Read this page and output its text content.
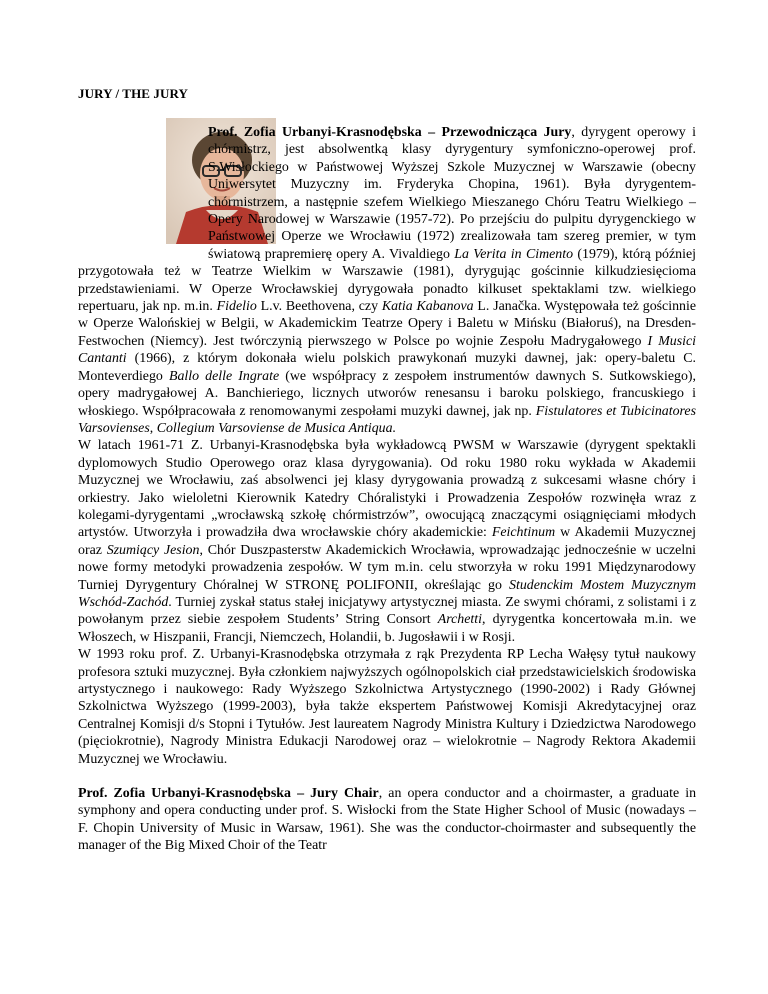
JURY / THE JURY

Prof. Zofia Urbanyi-Krasnodębska – Przewodnicząca Jury, dyrygent operowy i chórmistrz, jest absolwentką klasy dyrygentury symfoniczno-operowej prof. S.Wisłockiego w Państwowej Wyższej Szkole Muzycznej w Warszawie (obecny Uniwersytet Muzyczny im. Fryderyka Chopina, 1961). Była dyrygentem-chórmistrzem, a następnie szefem Wielkiego Mieszanego Chóru Teatru Wielkiego – Opery Narodowej w Warszawie (1957-72). Po przejściu do pulpitu dyrygenckiego w Państwowej Operze we Wrocławiu (1972) zrealizowała tam szereg premier, w tym światową prapremierę opery A. Vivaldiego La Verita in Cimento (1979), którą później przygotowała też w Teatrze Wielkim w Warszawie (1981), dyrygując gościnnie kilkudziesięciomа przedstawieniami. W Operze Wrocławskiej dyrygowała ponadto kilkuset spektaklami tzw. wielkiego repertuaru, jak np. m.in. Fidelio L.v. Beethovena, czy Katia Kabanova L. Janačka. Występowała też gościnnie w Operze Walońskiej w Belgii, w Akademickim Teatrze Opery i Baletu w Mińsku (Białoruś), na Dresden-Festwochen (Niemcy). Jest twórczynią pierwszego w Polsce po wojnie Zespołu Madrygałowego I Musici Cantanti (1966), z którym dokonała wielu polskich prawykonań muzyki dawnej, jak: opery-baletu C. Monteverdiego Ballo delle Ingrate (we współpracy z zespołem instrumentów dawnych S. Sutkowskiego), opery madrygałowej A. Banchieriego, licznych utworów renesansu i baroku polskiego, francuskiego i włoskiego. Współpracowała z renomowanymi zespołami muzyki dawnej, jak np. Fistulatores et Tubicinatores Varsovienses, Collegium Varsoviense de Musica Antiqua.

W latach 1961-71 Z. Urbanyi-Krasnodębska była wykładowcą PWSM w Warszawie (dyrygent spektakli dyplomowych Studio Operowego oraz klasa dyrygowania). Od roku 1980 roku wykłada w Akademii Muzycznej we Wrocławiu, zaś absolwenci jej klasy dyrygowania prowadzą z sukcesami własne chóry i orkiestry. Jako wieloletni Kierownik Katedry Chóralistyki i Prowadzenia Zespołów rozwinęła wraz z kolegami-dyrygentami „wrocławską szkołę chórmistrzów”, owocującą znaczącymi osiągnięciami młodych artystów. Utworzyła i prowadziła dwa wrocławskie chóry akademickie: Feichtinum w Akademii Muzycznej oraz Szumiący Jesion, Chór Duszpasterstw Akademickich Wrocławia, wprowadzając jednocześnie w uczelni nowe formy metodyki prowadzenia zespołów. W tym m.in. celu stworzyła w roku 1991 Międzynarodowy Turniej Dyrygentury Chóralnej W STRONĘ POLIFONII, określając go Studenckim Mostem Muzycznym Wschód-Zachód. Turniej zyskał status stałej inicjatywy artystycznej miasta. Ze swymi chórami, z solistami i z powołanym przez siebie zespołem Students’ String Consort Archetti, dyrygentka koncertowała m.in. we Włoszech, w Hiszpanii, Francji, Niemczech, Holandii, b. Jugosławii i w Rosji.

W 1993 roku prof. Z. Urbanyi-Krasnodębska otrzymała z rąk Prezydenta RP Lecha Wałęsy tytuł naukowy profesora sztuki muzycznej. Była członkiem najwyższych ogólnopolskich ciał przedstawicielskich środowiska artystycznego i naukowego: Rady Wyższego Szkolnictwa Artystycznego (1990-2002) i Rady Głównej Szkolnictwa Wyższego (1999-2003), była także ekspertem Państwowej Komisji Akredytacyjnej oraz Centralnej Komisji d/s Stopni i Tytułów. Jest laureatem Nagrody Ministra Kultury i Dziedzictwa Narodowego (pięciokrotnie), Nagrody Ministra Edukacji Narodowej oraz – wielokrotnie – Nagrody Rektora Akademii Muzycznej we Wrocławiu.

Prof. Zofia Urbanyi-Krasnodębska – Jury Chair, an opera conductor and a choirmaster, a graduate in symphony and opera conducting under prof. S. Wisłocki from the State Higher School of Music (nowadays – F. Chopin University of Music in Warsaw, 1961). She was the conductor-choirmaster and subsequently the manager of the Big Mixed Choir of the Teatr
